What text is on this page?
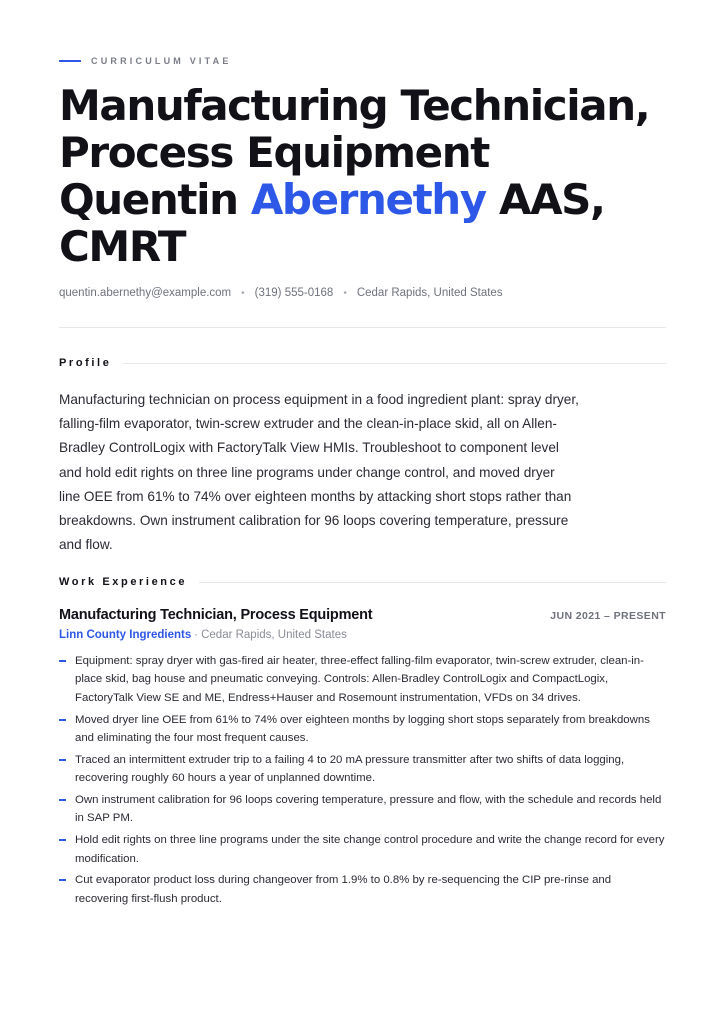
CURRICULUM VITAE
Manufacturing Technician,
Process Equipment
Quentin Abernethy AAS,
CMRT
quentin.abernethy@example.com • (319) 555-0168 • Cedar Rapids, United States
Profile

Manufacturing technician on process equipment in a food ingredient plant: spray dryer, falling-film evaporator, twin-screw extruder and the clean-in-place skid, all on Allen-Bradley ControlLogix with FactoryTalk View HMIs. Troubleshoot to component level and hold edit rights on three line programs under change control, and moved dryer line OEE from 61% to 74% over eighteen months by attacking short stops rather than breakdowns. Own instrument calibration for 96 loops covering temperature, pressure and flow.

Work Experience
Manufacturing Technician, Process Equipment	JUN 2021 – PRESENT
Linn County Ingredients · Cedar Rapids, United States
Equipment: spray dryer with gas-fired air heater, three-effect falling-film evaporator, twin-screw extruder, clean-in-place skid, bag house and pneumatic conveying. Controls: Allen-Bradley ControlLogix and CompactLogix, FactoryTalk View SE and ME, Endress+Hauser and Rosemount instrumentation, VFDs on 34 drives.
Moved dryer line OEE from 61% to 74% over eighteen months by logging short stops separately from breakdowns and eliminating the four most frequent causes.
Traced an intermittent extruder trip to a failing 4 to 20 mA pressure transmitter after two shifts of data logging, recovering roughly 60 hours a year of unplanned downtime.
Own instrument calibration for 96 loops covering temperature, pressure and flow, with the schedule and records held in SAP PM.
Hold edit rights on three line programs under the site change control procedure and write the change record for every modification.
Cut evaporator product loss during changeover from 1.9% to 0.8% by re-sequencing the CIP pre-rinse and recovering first-flush product.
